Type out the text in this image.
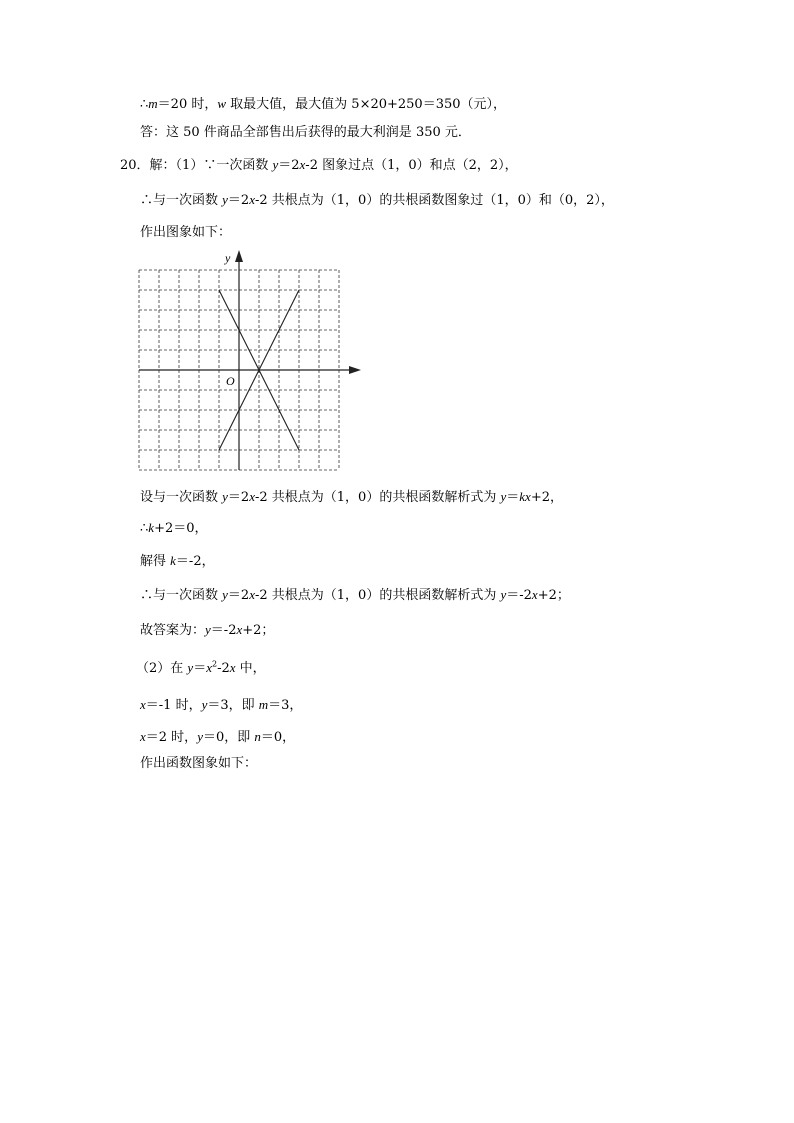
∴m＝20 时，w 取最大值，最大值为 5×20+250＝350（元），
答：这 50 件商品全部售出后获得的最大利润是 350 元．
20．解：（1）∵一次函数 y＝2x-2 图象过点（1，0）和点（2，2），
∴与一次函数 y＝2x-2 共根点为（1，0）的共根函数图象过（1，0）和（0，2），
作出图象如下：
y
O
设与一次函数 y＝2x-2 共根点为（1，0）的共根函数解析式为 y＝kx+2，
∴k+2＝0，
解得 k＝-2，
∴与一次函数 y＝2x-2 共根点为（1，0）的共根函数解析式为 y＝-2x+2；
故答案为：y＝-2x+2；
（2）在 $y=x^2-2x$ 中，
x＝-1 时，y＝3，即 m＝3，
x＝2 时，y＝0，即 n＝0，
作出函数图象如下：
